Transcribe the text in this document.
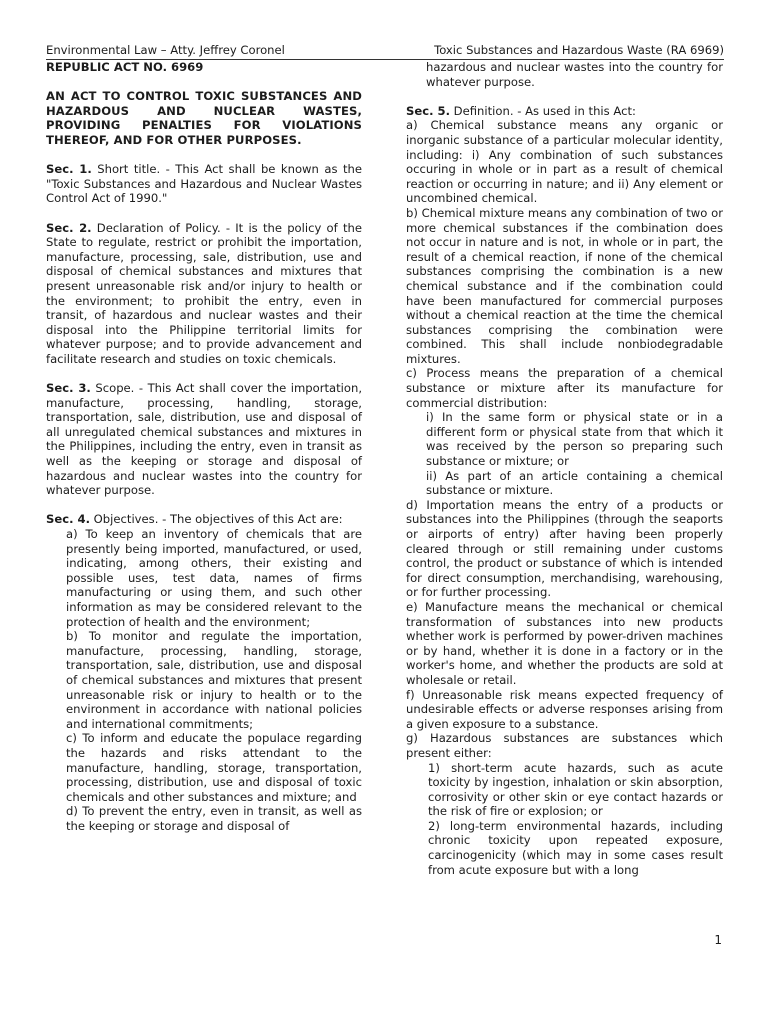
Environmental Law – Atty. Jeffrey Coronel	Toxic Substances and Hazardous Waste (RA 6969)

REPUBLIC ACT NO. 6969

AN ACT TO CONTROL TOXIC SUBSTANCES AND HAZARDOUS AND NUCLEAR WASTES, PROVIDING PENALTIES FOR VIOLATIONS THEREOF, AND FOR OTHER PURPOSES.

Sec. 1. Short title. - This Act shall be known as the "Toxic Substances and Hazardous and Nuclear Wastes Control Act of 1990."

Sec. 2. Declaration of Policy. - It is the policy of the State to regulate, restrict or prohibit the importation, manufacture, processing, sale, distribution, use and disposal of chemical substances and mixtures that present unreasonable risk and/or injury to health or the environment; to prohibit the entry, even in transit, of hazardous and nuclear wastes and their disposal into the Philippine territorial limits for whatever purpose; and to provide advancement and facilitate research and studies on toxic chemicals.

Sec. 3. Scope. - This Act shall cover the importation, manufacture, processing, handling, storage, transportation, sale, distribution, use and disposal of all unregulated chemical substances and mixtures in the Philippines, including the entry, even in transit as well as the keeping or storage and disposal of hazardous and nuclear wastes into the country for whatever purpose.

Sec. 4. Objectives. - The objectives of this Act are:

a) To keep an inventory of chemicals that are presently being imported, manufactured, or used, indicating, among others, their existing and possible uses, test data, names of firms manufacturing or using them, and such other information as may be considered relevant to the protection of health and the environment;

b) To monitor and regulate the importation, manufacture, processing, handling, storage, transportation, sale, distribution, use and disposal of chemical substances and mixtures that present unreasonable risk or injury to health or to the environment in accordance with national policies and international commitments;

c) To inform and educate the populace regarding the hazards and risks attendant to the manufacture, handling, storage, transportation, processing, distribution, use and disposal of toxic chemicals and other substances and mixture; and

d) To prevent the entry, even in transit, as well as the keeping or storage and disposal of

hazardous and nuclear wastes into the country for whatever purpose.

Sec. 5. Definition. - As used in this Act:

a) Chemical substance means any organic or inorganic substance of a particular molecular identity, including: i) Any combination of such substances occuring in whole or in part as a result of chemical reaction or occurring in nature; and ii) Any element or uncombined chemical.

b) Chemical mixture means any combination of two or more chemical substances if the combination does not occur in nature and is not, in whole or in part, the result of a chemical reaction, if none of the chemical substances comprising the combination is a new chemical substance and if the combination could have been manufactured for commercial purposes without a chemical reaction at the time the chemical substances comprising the combination were combined. This shall include nonbiodegradable mixtures.

c) Process means the preparation of a chemical substance or mixture after its manufacture for commercial distribution:

i) In the same form or physical state or in a different form or physical state from that which it was received by the person so preparing such substance or mixture; or

ii) As part of an article containing a chemical substance or mixture.

d) Importation means the entry of a products or substances into the Philippines (through the seaports or airports of entry) after having been properly cleared through or still remaining under customs control, the product or substance of which is intended for direct consumption, merchandising, warehousing, or for further processing.

e) Manufacture means the mechanical or chemical transformation of substances into new products whether work is performed by power-driven machines or by hand, whether it is done in a factory or in the worker's home, and whether the products are sold at wholesale or retail.

f) Unreasonable risk means expected frequency of undesirable effects or adverse responses arising from a given exposure to a substance.

g) Hazardous substances are substances which present either:

1) short-term acute hazards, such as acute toxicity by ingestion, inhalation or skin absorption, corrosivity or other skin or eye contact hazards or the risk of fire or explosion; or

2) long-term environmental hazards, including chronic toxicity upon repeated exposure, carcinogenicity (which may in some cases result from acute exposure but with a long

1
